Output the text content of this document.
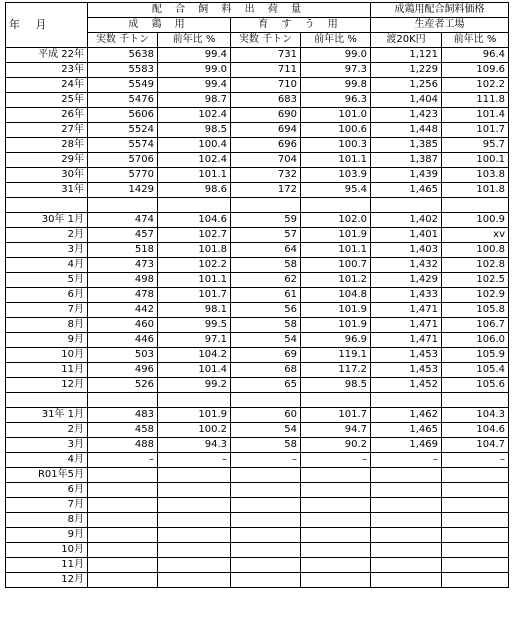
年 月	配 合 飼 料 出 荷 量				成鶏用配合飼料価格	
	成 鶏 用		育 す う 用		生産者工場	
	実数 千トン	前年比 %	実数 千トン	前年比 %	渡20K円	前年比 %
平成 22年	5638	99.4	731	99.0	1,121	96.4
23年	5583	99.0	711	97.3	1,229	109.6
24年	5549	99.4	710	99.8	1,256	102.2
25年	5476	98.7	683	96.3	1,404	111.8
26年	5606	102.4	690	101.0	1,423	101.4
27年	5524	98.5	694	100.6	1,448	101.7
28年	5574	100.4	696	100.3	1,385	95.7
29年	5706	102.4	704	101.1	1,387	100.1
30年	5770	101.1	732	103.9	1,439	103.8
31年	1429	98.6	172	95.4	1,465	101.8

30年 1月	474	104.6	59	102.0	1,402	100.9
2月	457	102.7	57	101.9	1,401	xv
3月	518	101.8	64	101.1	1,403	100.8
4月	473	102.2	58	100.7	1,432	102.8
5月	498	101.1	62	101.2	1,429	102.5
6月	478	101.7	61	104.8	1,433	102.9
7月	442	98.1	56	101.9	1,471	105.8
8月	460	99.5	58	101.9	1,471	106.7
9月	446	97.1	54	96.9	1,471	106.0
10月	503	104.2	69	119.1	1,453	105.9
11月	496	101.4	68	117.2	1,453	105.4
12月	526	99.2	65	98.5	1,452	105.6

31年 1月	483	101.9	60	101.7	1,462	104.3
2月	458	100.2	54	94.7	1,465	104.6
3月	488	94.3	58	90.2	1,469	104.7
4月	–	–	–	–	–	–
R01年5月						
6月						
7月						
8月						
9月						
10月						
11月						
12月						
